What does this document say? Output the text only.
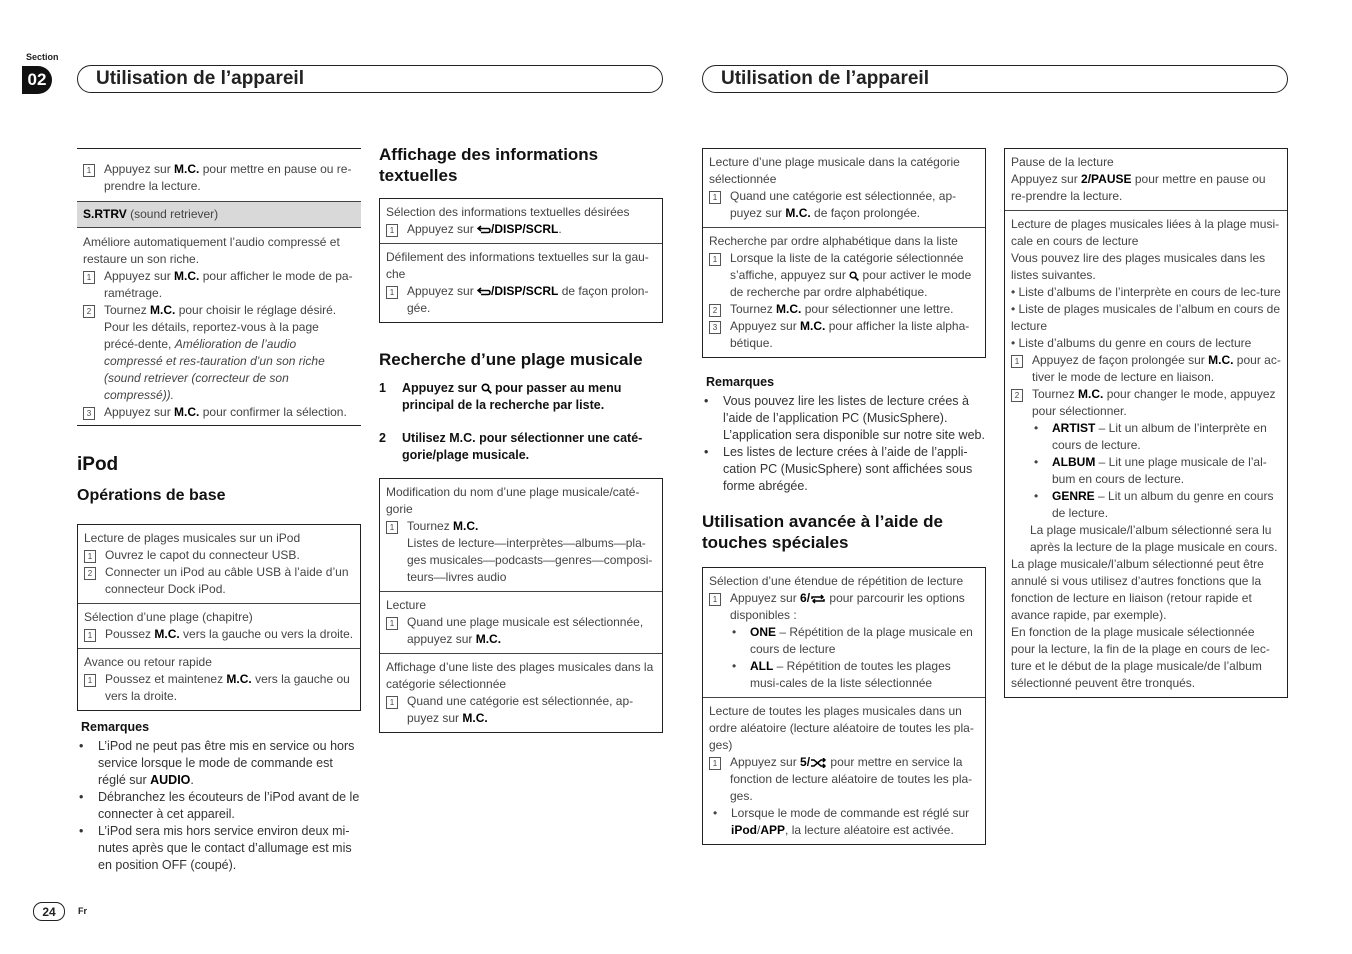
Section
02	Utilisation de l’appareil	Utilisation de l’appareil
1	Appuyez sur M.C. pour mettre en pause ou re-prendre la lecture.
S.RTRV (sound retriever)
Améliore automatiquement l’audio compressé et restaure un son riche.
1	Appuyez sur M.C. pour afficher le mode de pa-ramétrage.
2	Tournez M.C. pour choisir le réglage désiré.
Pour les détails, reportez-vous à la page précé-dente, Amélioration de l’audio compressé et res-tauration d’un son riche (sound retriever (correcteur de son compressé)).
3	Appuyez sur M.C. pour confirmer la sélection.
iPod
Opérations de base
Lecture de plages musicales sur un iPod
1	Ouvrez le capot du connecteur USB.
2	Connecter un iPod au câble USB à l’aide d’un connecteur Dock iPod.
Sélection d’une plage (chapitre)
1	Poussez M.C. vers la gauche ou vers la droite.
Avance ou retour rapide
1	Poussez et maintenez M.C. vers la gauche ou vers la droite.
Remarques
•	L’iPod ne peut pas être mis en service ou hors service lorsque le mode de commande est réglé sur AUDIO.
•	Débranchez les écouteurs de l’iPod avant de le connecter à cet appareil.
•	L’iPod sera mis hors service environ deux mi-nutes après que le contact d’allumage est mis en position OFF (coupé).
Affichage des informations textuelles
Sélection des informations textuelles désirées
1	Appuyez sur /DISP/SCRL.
Défilement des informations textuelles sur la gau-che
1	Appuyez sur /DISP/SCRL de façon prolon-gée.
Recherche d’une plage musicale
1	Appuyez sur  pour passer au menu principal de la recherche par liste.
2	Utilisez M.C. pour sélectionner une caté-gorie/plage musicale.
Modification du nom d’une plage musicale/caté-gorie
1	Tournez M.C.
Listes de lecture—interprètes—albums—pla-ges musicales—podcasts—genres—composi-teurs—livres audio
Lecture
1	Quand une plage musicale est sélectionnée, appuyez sur M.C.
Affichage d’une liste des plages musicales dans la catégorie sélectionnée
1	Quand une catégorie est sélectionnée, ap-puyez sur M.C.
Lecture d’une plage musicale dans la catégorie sélectionnée
1	Quand une catégorie est sélectionnée, ap-puyez sur M.C. de façon prolongée.
Recherche par ordre alphabétique dans la liste
1	Lorsque la liste de la catégorie sélectionnée s’affiche, appuyez sur  pour activer le mode de recherche par ordre alphabétique.
2	Tournez M.C. pour sélectionner une lettre.
3	Appuyez sur M.C. pour afficher la liste alpha-bétique.
Remarques
•	Vous pouvez lire les listes de lecture crées à l’aide de l’application PC (MusicSphere). L’application sera disponible sur notre site web.
•	Les listes de lecture crées à l’aide de l’appli-cation PC (MusicSphere) sont affichées sous forme abrégée.
Utilisation avancée à l’aide de touches spéciales
Sélection d’une étendue de répétition de lecture
1	Appuyez sur 6/ pour parcourir les options disponibles :
•	ONE – Répétition de la plage musicale en cours de lecture
•	ALL – Répétition de toutes les plages musi-cales de la liste sélectionnée
Lecture de toutes les plages musicales dans un ordre aléatoire (lecture aléatoire de toutes les pla-ges)
1	Appuyez sur 5/ pour mettre en service la fonction de lecture aléatoire de toutes les pla-ges.
•	Lorsque le mode de commande est réglé sur iPod/APP, la lecture aléatoire est activée.
Pause de la lecture
Appuyez sur 2/PAUSE pour mettre en pause ou re-prendre la lecture.
Lecture de plages musicales liées à la plage musi-cale en cours de lecture
Vous pouvez lire des plages musicales dans les listes suivantes.
• Liste d’albums de l’interprète en cours de lec-ture
• Liste de plages musicales de l’album en cours de lecture
• Liste d’albums du genre en cours de lecture
1	Appuyez de façon prolongée sur M.C. pour ac-tiver le mode de lecture en liaison.
2	Tournez M.C. pour changer le mode, appuyez pour sélectionner.
•	ARTIST – Lit un album de l’interprète en cours de lecture.
•	ALBUM – Lit une plage musicale de l’al-bum en cours de lecture.
•	GENRE – Lit un album du genre en cours de lecture.
La plage musicale/l’album sélectionné sera lu après la lecture de la plage musicale en cours.
La plage musicale/l’album sélectionné peut être annulé si vous utilisez d’autres fonctions que la fonction de lecture en liaison (retour rapide et avance rapide, par exemple).
En fonction de la plage musicale sélectionnée pour la lecture, la fin de la plage en cours de lec-ture et le début de la plage musicale/de l’album sélectionné peuvent être tronqués.
24	Fr
